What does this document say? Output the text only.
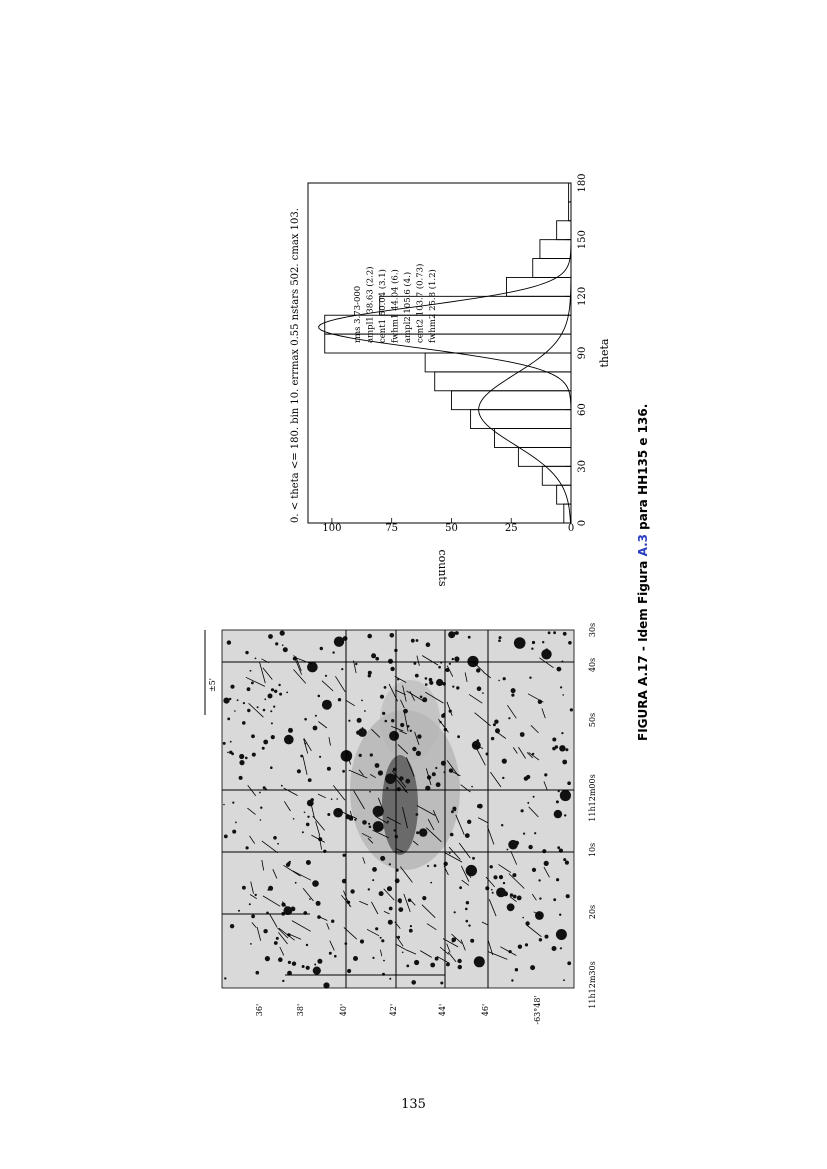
0
30
60
90
120
150
180
0
25
50
75
100
0. < theta <= 180. bin 10. errmax 0.55 nstars 502. cmax 103.	theta
counts
rms 3.73-000 ampl1 38.63 (2.2) cent1 60.04 (3.1) fwhm1 44.04 (6.) ampl2 105.6 (4.) cent2 103.7 (0.73) fwhm2 25.8 (1.2)
FIGURA A.17 - Idem Figura A.3 para HH135 e 136.
±5'
11h12m30s
20s
10s
11h12m00s
50s
40s
30s
-63°48'
46'
44'
42'
40'
38'
36'
135
